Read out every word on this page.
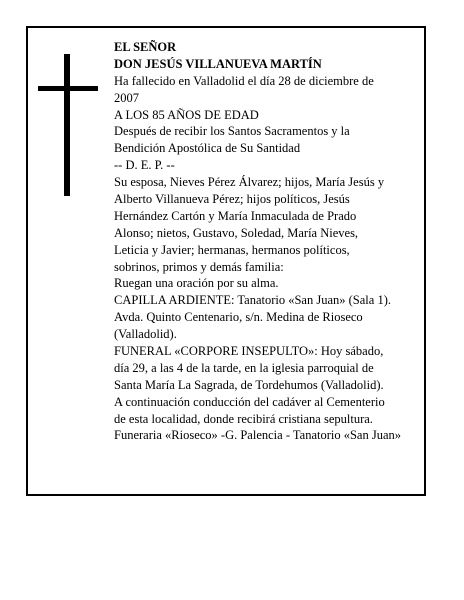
EL SEÑOR
DON JESÚS VILLANUEVA MARTÍN
Ha fallecido en Valladolid el día 28 de diciembre de
2007
A LOS 85 AÑOS DE EDAD
Después de recibir los Santos Sacramentos y la
Bendición Apostólica de Su Santidad
-- D. E. P. --
Su esposa, Nieves Pérez Álvarez; hijos, María Jesús y
Alberto Villanueva Pérez; hijos políticos, Jesús
Hernández Cartón y María Inmaculada de Prado
Alonso; nietos, Gustavo, Soledad, María Nieves,
Leticia y Javier; hermanas, hermanos políticos,
sobrinos, primos y demás familia:
Ruegan una oración por su alma.
CAPILLA ARDIENTE: Tanatorio «San Juan» (Sala 1).
Avda. Quinto Centenario, s/n. Medina de Rioseco
(Valladolid).
FUNERAL «CORPORE INSEPULTO»: Hoy sábado,
día 29, a las 4 de la tarde, en la iglesia parroquial de
Santa María La Sagrada, de Tordehumos (Valladolid).
A continuación conducción del cadáver al Cementerio
de esta localidad, donde recibirá cristiana sepultura.
Funeraria «Rioseco» -G. Palencia - Tanatorio «San Juan»
